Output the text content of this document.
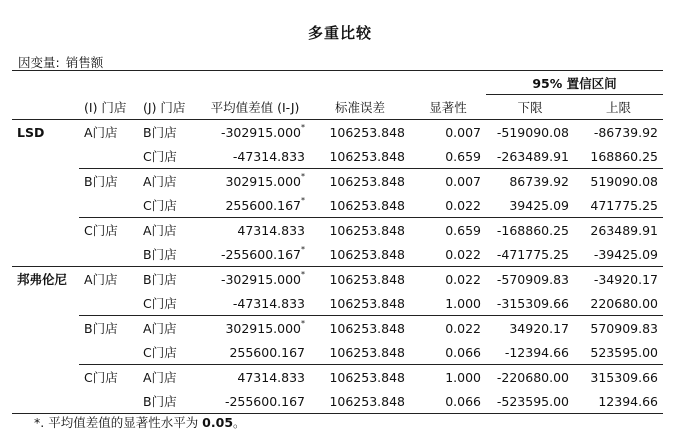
多重比较
因变量: 销售额
						95% 置信区间	
	(I) 门店	(J) 门店	平均值差值 (I-J)	标准误差	显著性	下限	上限
LSD	A门店	B门店	-302915.000*	106253.848	0.007	-519090.08	-86739.92
		C门店	-47314.833	106253.848	0.659	-263489.91	168860.25
	B门店	A门店	302915.000*	106253.848	0.007	86739.92	519090.08
		C门店	255600.167*	106253.848	0.022	39425.09	471775.25
	C门店	A门店	47314.833	106253.848	0.659	-168860.25	263489.91
		B门店	-255600.167*	106253.848	0.022	-471775.25	-39425.09
邦弗伦尼	A门店	B门店	-302915.000*	106253.848	0.022	-570909.83	-34920.17
		C门店	-47314.833	106253.848	1.000	-315309.66	220680.00
	B门店	A门店	302915.000*	106253.848	0.022	34920.17	570909.83
		C门店	255600.167	106253.848	0.066	-12394.66	523595.00
	C门店	A门店	47314.833	106253.848	1.000	-220680.00	315309.66
		B门店	-255600.167	106253.848	0.066	-523595.00	12394.66
*. 平均值差值的显著性水平为 0.05。
